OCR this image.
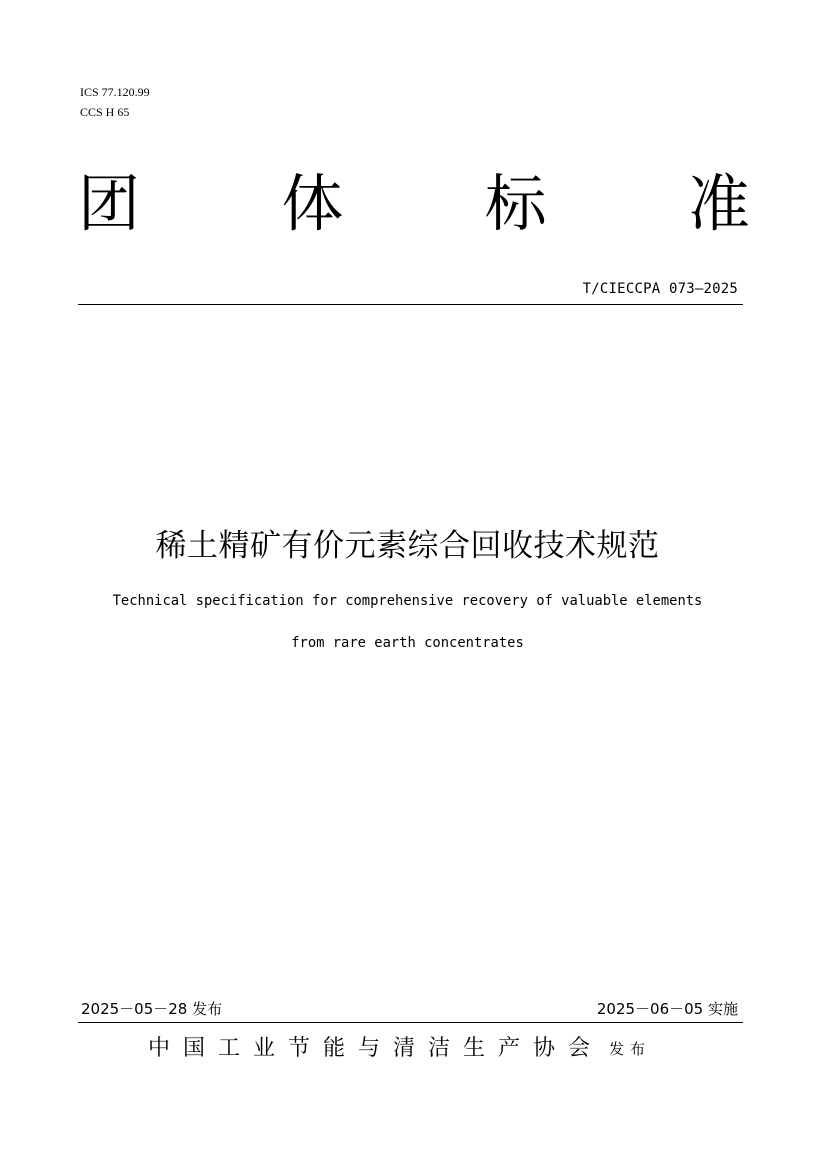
ICS 77.120.99

CCS H 65

团 体 标 准
T/CIECCPA 073—2025
稀土精矿有价元素综合回收技术规范
Technical specification for comprehensive recovery of valuable elements
from rare earth concentrates
2025－05－28 发布	2025－06－05 实施
中国工业节能与清洁生产协会 发布
